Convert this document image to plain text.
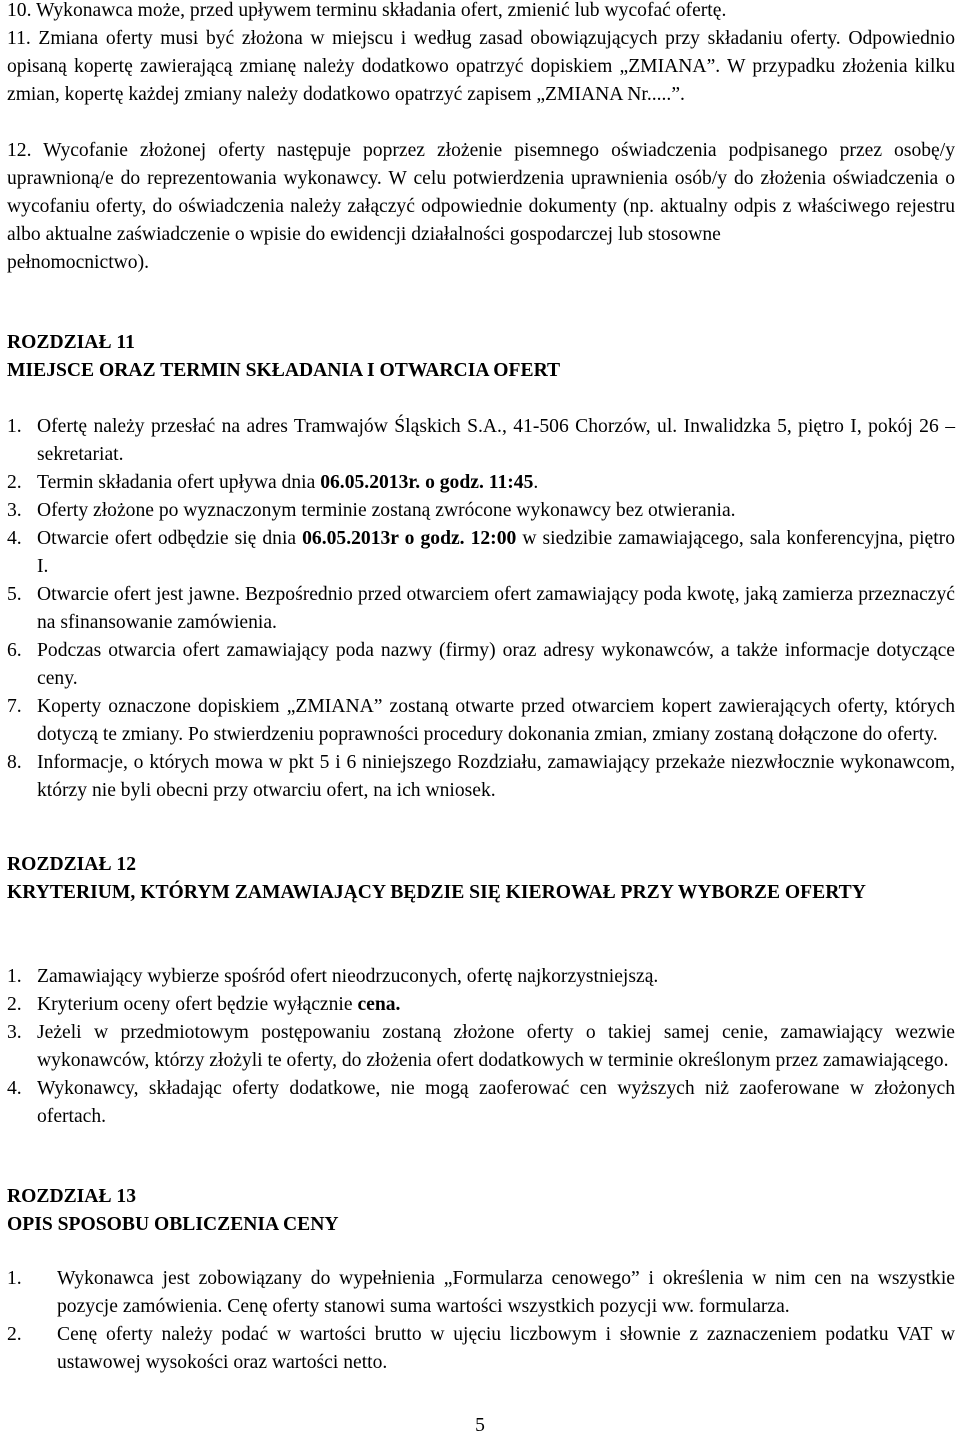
10. Wykonawca może, przed upływem terminu składania ofert, zmienić lub wycofać ofertę.

11. Zmiana oferty musi być złożona w miejscu i według zasad obowiązujących przy składaniu oferty. Odpowiednio opisaną kopertę zawierającą zmianę należy dodatkowo opatrzyć dopiskiem „ZMIANA”. W przypadku złożenia kilku zmian, kopertę każdej zmiany należy dodatkowo opatrzyć zapisem „ZMIANA Nr.....”.

12. Wycofanie złożonej oferty następuje poprzez złożenie pisemnego oświadczenia podpisanego przez osobę/y uprawnioną/e do reprezentowania wykonawcy. W celu potwierdzenia uprawnienia osób/y do złożenia oświadczenia o wycofaniu oferty, do oświadczenia należy załączyć odpowiednie dokumenty (np. aktualny odpis z właściwego rejestru albo aktualne zaświadczenie o wpisie do ewidencji działalności gospodarczej lub stosowne

pełnomocnictwo).

ROZDZIAŁ 11

MIEJSCE ORAZ TERMIN SKŁADANIA I OTWARCIA OFERT

1. Ofertę należy przesłać na adres Tramwajów Śląskich S.A., 41-506 Chorzów, ul. Inwalidzka 5, piętro I, pokój 26 – sekretariat.
2. Termin składania ofert upływa dnia 06.05.2013r. o godz. 11:45.
3. Oferty złożone po wyznaczonym terminie zostaną zwrócone wykonawcy bez otwierania.
4. Otwarcie ofert odbędzie się dnia 06.05.2013r o godz. 12:00 w siedzibie zamawiającego, sala konferencyjna, piętro I.
5. Otwarcie ofert jest jawne. Bezpośrednio przed otwarciem ofert zamawiający poda kwotę, jaką zamierza przeznaczyć na sfinansowanie zamówienia.
6. Podczas otwarcia ofert zamawiający poda nazwy (firmy) oraz adresy wykonawców, a także informacje dotyczące ceny.
7. Koperty oznaczone dopiskiem „ZMIANA” zostaną otwarte przed otwarciem kopert zawierających oferty, których dotyczą te zmiany. Po stwierdzeniu poprawności procedury dokonania zmian, zmiany zostaną dołączone do oferty.
8. Informacje, o których mowa w pkt 5 i 6 niniejszego Rozdziału, zamawiający przekaże niezwłocznie wykonawcom, którzy nie byli obecni przy otwarciu ofert, na ich wniosek.

ROZDZIAŁ 12

KRYTERIUM, KTÓRYM ZAMAWIAJĄCY BĘDZIE SIĘ KIEROWAŁ PRZY WYBORZE OFERTY

1. Zamawiający wybierze spośród ofert nieodrzuconych, ofertę najkorzystniejszą.
2. Kryterium oceny ofert będzie wyłącznie cena.
3. Jeżeli w przedmiotowym postępowaniu zostaną złożone oferty o takiej samej cenie, zamawiający wezwie wykonawców, którzy złożyli te oferty, do złożenia ofert dodatkowych w terminie określonym przez zamawiającego.
4. Wykonawcy, składając oferty dodatkowe, nie mogą zaoferować cen wyższych niż zaoferowane w złożonych ofertach.

ROZDZIAŁ 13

OPIS SPOSOBU OBLICZENIA CENY

1.	Wykonawca jest zobowiązany do wypełnienia „Formularza cenowego” i określenia w nim cen na wszystkie pozycje zamówienia. Cenę oferty stanowi suma wartości wszystkich pozycji ww. formularza.
2.	Cenę oferty należy podać w wartości brutto w ujęciu liczbowym i słownie z zaznaczeniem podatku VAT w ustawowej wysokości oraz wartości netto.
5
